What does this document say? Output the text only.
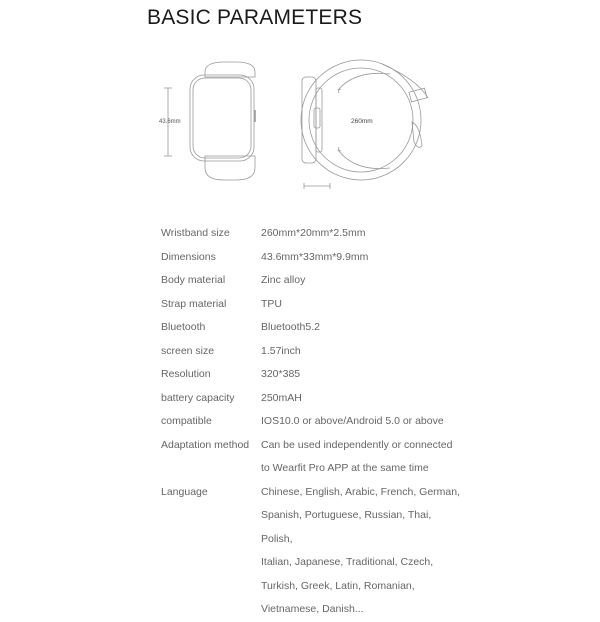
BASIC PARAMETERS
43.6mm	260mm
Wristband size	260mm*20mm*2.5mm
Dimensions	43.6mm*33mm*9.9mm
Body material	Zinc alloy
Strap material	TPU
Bluetooth	Bluetooth5.2
screen size	1.57inch
Resolution	320*385
battery capacity	250mAH
compatible	IOS10.0 or above/Android 5.0 or above
Adaptation method	Can be used independently or connected
to Wearfit Pro APP at the same time
Language	Chinese, English, Arabic, French, German,
Spanish, Portuguese, Russian, Thai, Polish,
Italian, Japanese, Traditional, Czech,
Turkish, Greek, Latin, Romanian,
Vietnamese, Danish...
